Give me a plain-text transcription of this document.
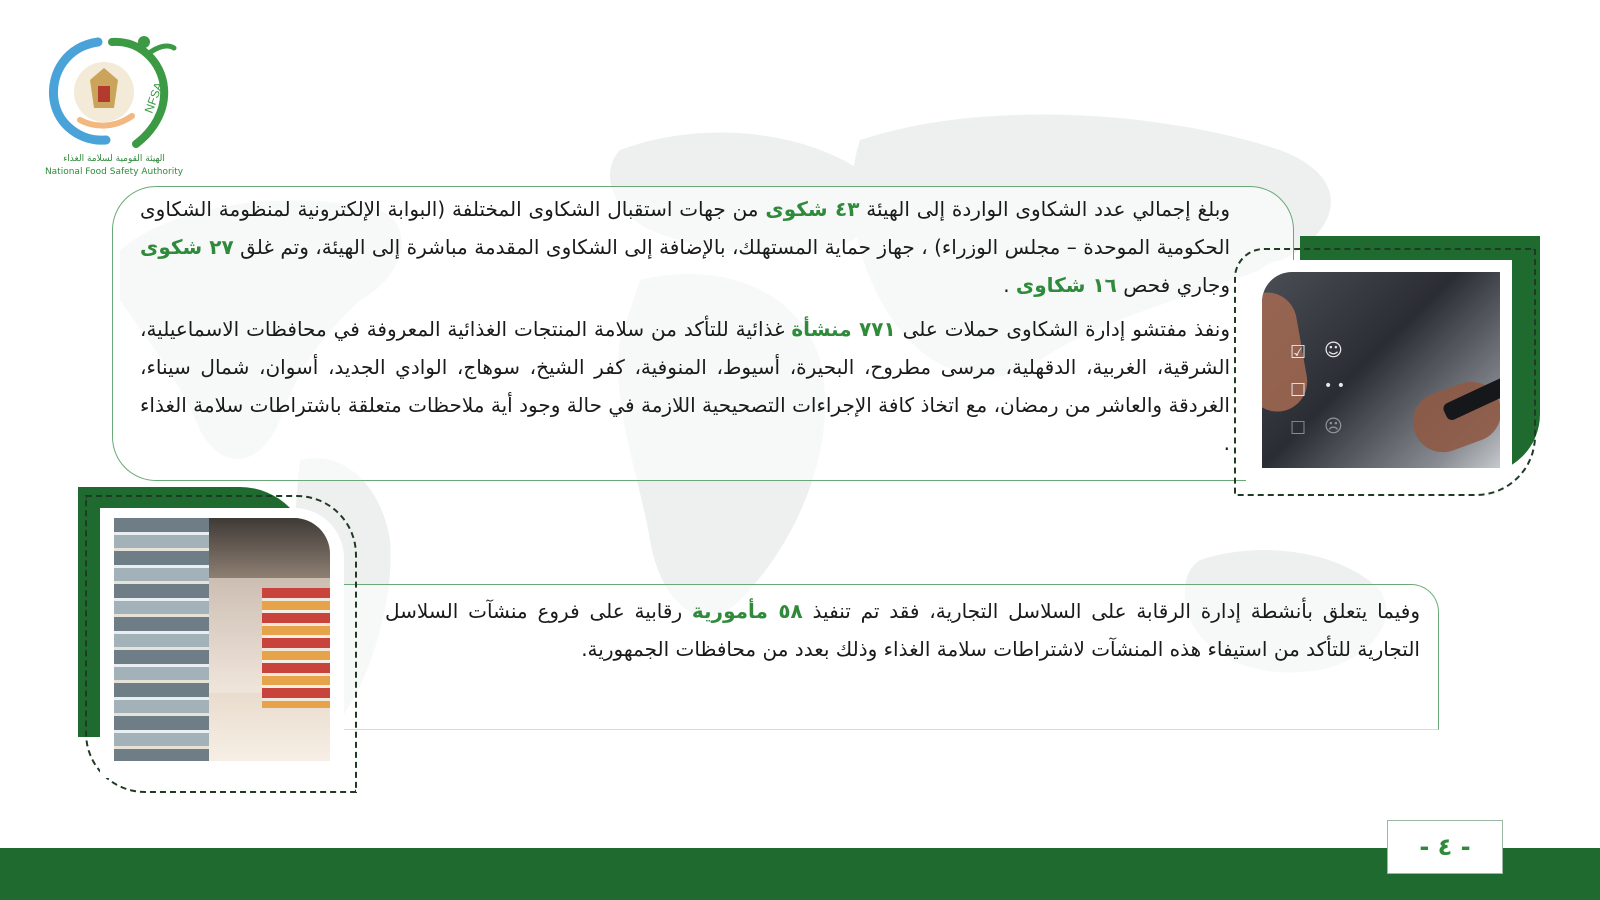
NFSA
الهيئة القومية لسلامة الغذاء
National Food Safety Authority

وبلغ إجمالي عدد الشكاوى الواردة إلى الهيئة ٤٣ شكوى من جهات استقبال الشكاوى المختلفة (البوابة الإلكترونية لمنظومة الشكاوى الحكومية الموحدة – مجلس الوزراء) ، جهاز حماية المستهلك، بالإضافة إلى الشكاوى المقدمة مباشرة إلى الهيئة، وتم غلق ٢٧ شكوى وجاري فحص ١٦ شكاوى .

ونفذ مفتشو إدارة الشكاوى حملات على ٧٧١ منشأة غذائية للتأكد من سلامة المنتجات الغذائية المعروفة في محافظات الاسماعيلية، الشرقية، الغربية، الدقهلية، مرسى مطروح، البحيرة، أسيوط، المنوفية، كفر الشيخ، سوهاج، الوادي الجديد، أسوان، شمال سيناء، الغردقة والعاشر من رمضان، مع اتخاذ كافة الإجراءات التصحيحية اللازمة في حالة وجود أية ملاحظات متعلقة باشتراطات سلامة الغذاء .

☑ ☺
☐ • •
☐ ☹

وفيما يتعلق بأنشطة إدارة الرقابة على السلاسل التجارية، فقد تم تنفيذ ٥٨ مأمورية رقابية على فروع منشآت السلاسل التجارية للتأكد من استيفاء هذه المنشآت لاشتراطات سلامة الغذاء وذلك بعدد من محافظات الجمهورية.

- ٤ -
